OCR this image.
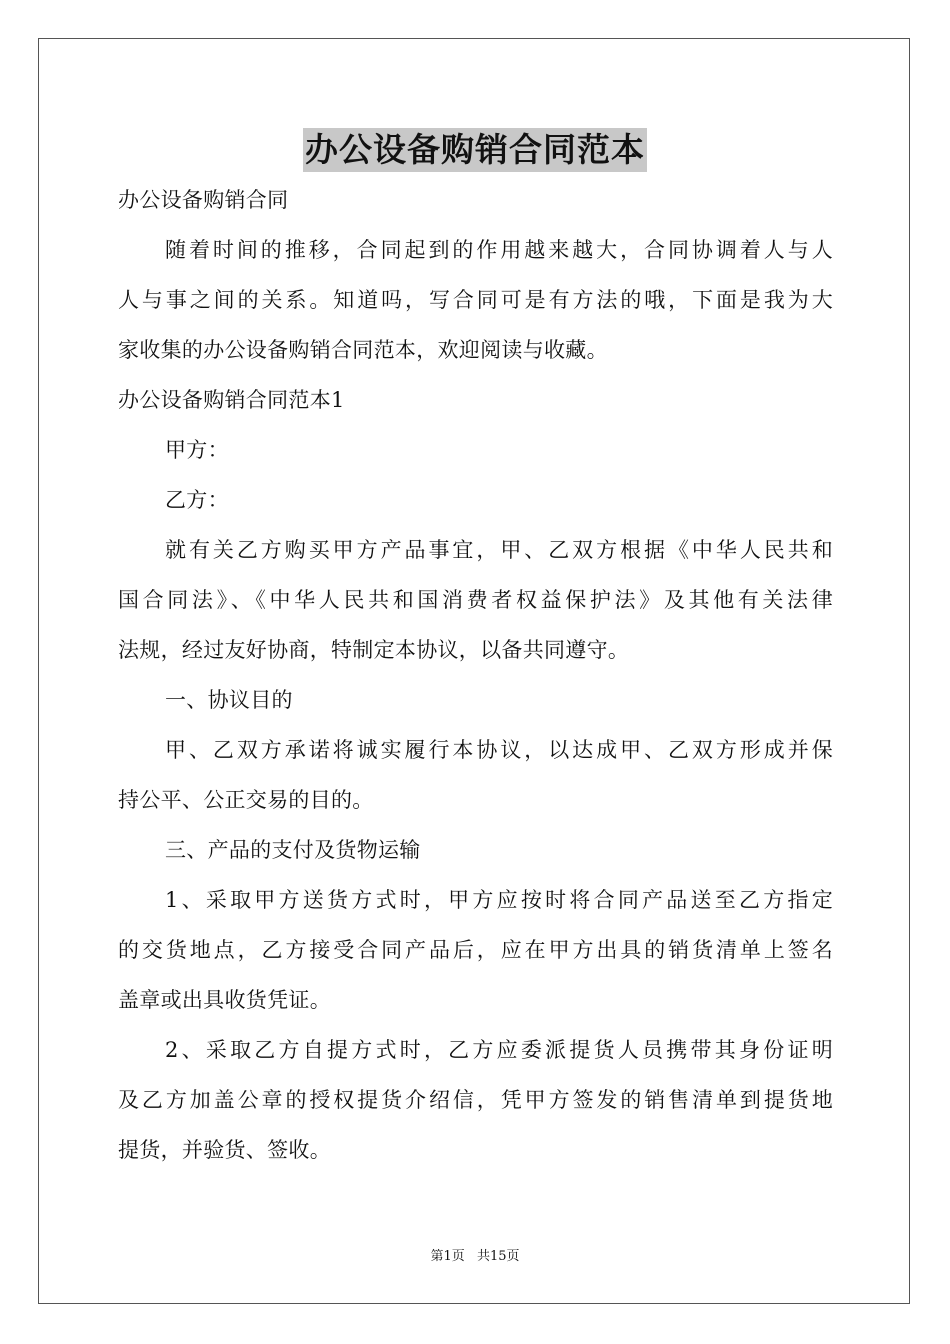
办公设备购销合同范本
办公设备购销合同
随着时间的推移，合同起到的作用越来越大，合同协调着人与人
人与事之间的关系。知道吗，写合同可是有方法的哦，下面是我为大
家收集的办公设备购销合同范本，欢迎阅读与收藏。
办公设备购销合同范本1
甲方：
乙方：
就有关乙方购买甲方产品事宜，甲、乙双方根据《中华人民共和
国合同法》、《中华人民共和国消费者权益保护法》及其他有关法律
法规，经过友好协商，特制定本协议，以备共同遵守。
一、协议目的
甲、乙双方承诺将诚实履行本协议，以达成甲、乙双方形成并保
持公平、公正交易的目的。
三、产品的支付及货物运输
1、采取甲方送货方式时，甲方应按时将合同产品送至乙方指定
的交货地点，乙方接受合同产品后，应在甲方出具的销货清单上签名
盖章或出具收货凭证。
2、采取乙方自提方式时，乙方应委派提货人员携带其身份证明
及乙方加盖公章的授权提货介绍信，凭甲方签发的销售清单到提货地
提货，并验货、签收。
第1页 共15页
